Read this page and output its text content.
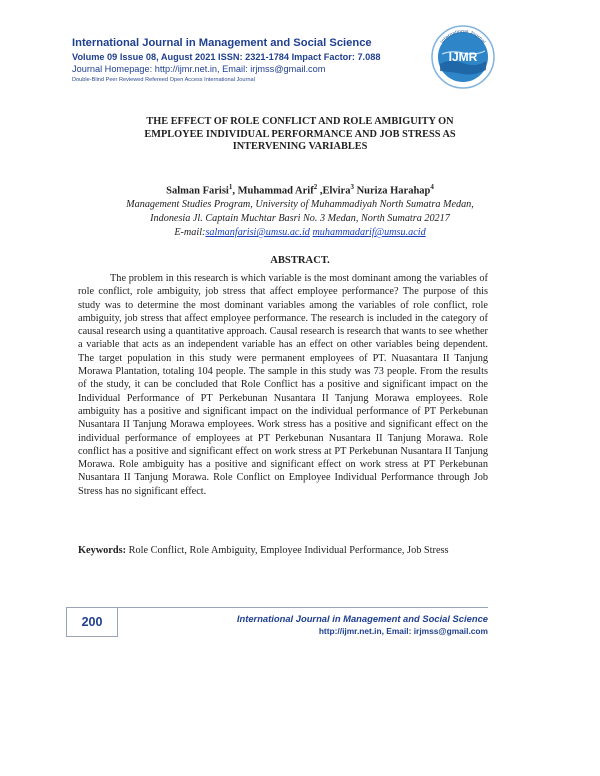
International Journal in Management and Social Science
Volume 09 Issue 08, August 2021 ISSN: 2321-1784 Impact Factor: 7.088
Journal Homepage: http://ijmr.net.in, Email: irjmss@gmail.com
Double-Blind Peer Reviewed Refereed Open Access International Journal
IJMR
International Journal
THE EFFECT OF ROLE CONFLICT AND ROLE AMBIGUITY ON
EMPLOYEE INDIVIDUAL PERFORMANCE AND JOB STRESS AS
INTERVENING VARIABLES
Salman Farisi$^1$, Muhammad Arif$^2$ ,Elvira$^3$ Nuriza Harahap$^4$
Management Studies Program, University of Muhammadiyah North Sumatra Medan,
Indonesia Jl. Captain Muchtar Basri No. 3 Medan, North Sumatra 20217
E-mail:salmanfarisi@umsu.ac.id muhammadarif@umsu.acid
ABSTRACT.

The problem in this research is which variable is the most dominant among the variables of role conflict, role ambiguity, job stress that affect employee performance? The purpose of this study was to determine the most dominant variables among the variables of role conflict, role ambiguity, job stress that affect employee performance. The research is included in the category of causal research using a quantitative approach. Causal research is research that wants to see whether a variable that acts as an independent variable has an effect on other variables being dependent. The target population in this study were permanent employees of PT. Nuasantara II Tanjung Morawa Plantation, totaling 104 people. The sample in this study was 73 people. From the results of the study, it can be concluded that Role Conflict has a positive and significant impact on the Individual Performance of PT Perkebunan Nusantara II Tanjung Morawa employees. Role ambiguity has a positive and significant impact on the individual performance of PT Perkebunan Nusantara II Tanjung Morawa employees. Work stress has a positive and significant effect on the individual performance of employees at PT Perkebunan Nusantara II Tanjung Morawa. Role conflict has a positive and significant effect on work stress at PT Perkebunan Nusantara II Tanjung Morawa. Role ambiguity has a positive and significant effect on work stress at PT Perkebunan Nusantara II Tanjung Morawa. Role Conflict on Employee Individual Performance through Job Stress has no significant effect.

Keywords: Role Conflict, Role Ambiguity, Employee Individual Performance, Job Stress
200	International Journal in Management and Social Science
http://ijmr.net.in, Email: irjmss@gmail.com
